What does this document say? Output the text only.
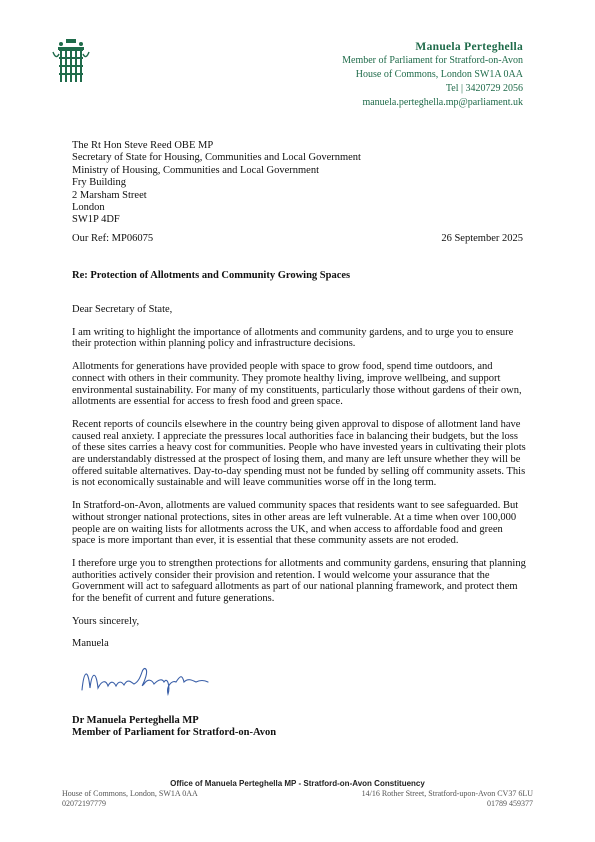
Manuela Perteghella
Member of Parliament for Stratford-on-Avon
House of Commons, London SW1A 0AA
Tel | 3420729 2056
manuela.perteghella.mp@parliament.uk
The Rt Hon Steve Reed OBE MP
Secretary of State for Housing, Communities and Local Government
Ministry of Housing, Communities and Local Government
Fry Building
2 Marsham Street
London
SW1P 4DF
Our Ref: MP06075	26 September 2025
Re: Protection of Allotments and Community Growing Spaces

Dear Secretary of State,

I am writing to highlight the importance of allotments and community gardens, and to urge you to ensure their protection within planning policy and infrastructure decisions.

Allotments for generations have provided people with space to grow food, spend time outdoors, and connect with others in their community. They promote healthy living, improve wellbeing, and support environmental sustainability. For many of my constituents, particularly those without gardens of their own, allotments are essential for access to fresh food and green space.

Recent reports of councils elsewhere in the country being given approval to dispose of allotment land have caused real anxiety. I appreciate the pressures local authorities face in balancing their budgets, but the loss of these sites carries a heavy cost for communities. People who have invested years in cultivating their plots are understandably distressed at the prospect of losing them, and many are left unsure whether they will be offered suitable alternatives. Day-to-day spending must not be funded by selling off community assets. This is not economically sustainable and will leave communities worse off in the long term.

In Stratford-on-Avon, allotments are valued community spaces that residents want to see safeguarded. But without stronger national protections, sites in other areas are left vulnerable. At a time when over 100,000 people are on waiting lists for allotments across the UK, and when access to affordable food and green space is more important than ever, it is essential that these community assets are not eroded.

I therefore urge you to strengthen protections for allotments and community gardens, ensuring that planning authorities actively consider their provision and retention. I would welcome your assurance that the Government will act to safeguard allotments as part of our national planning framework, and protect them for the benefit of current and future generations.

Yours sincerely,

Manuela

Dr Manuela Perteghella MP
Member of Parliament for Stratford-on-Avon
Office of Manuela Perteghella MP - Stratford-on-Avon Constituency
House of Commons, London, SW1A 0AA	14/16 Rother Street, Stratford-upon-Avon CV37 6LU
02072197779	01789 459377
